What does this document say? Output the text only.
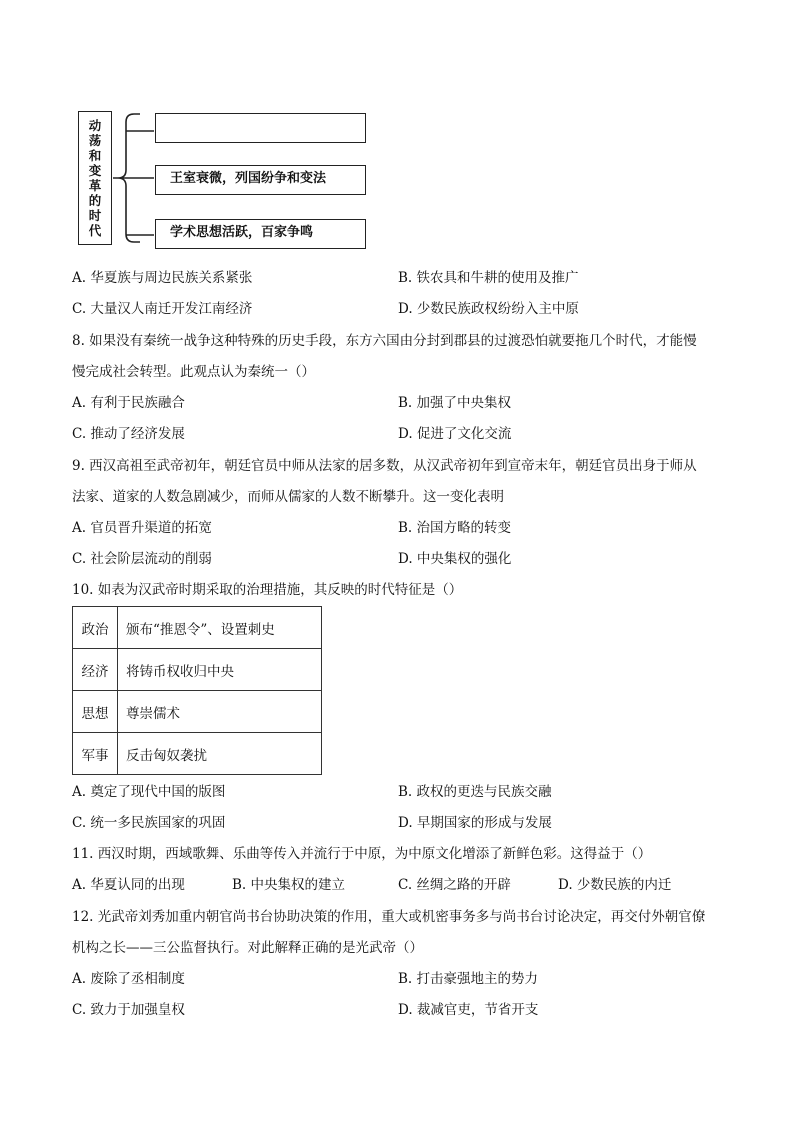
动
荡
和
变
革
的
时
代
王室衰微，列国纷争和变法
学术思想活跃，百家争鸣
A. 华夏族与周边民族关系紧张	B. 铁农具和牛耕的使用及推广
C. 大量汉人南迁开发江南经济	D. 少数民族政权纷纷入主中原
8. 如果没有秦统一战争这种特殊的历史手段，东方六国由分封到郡县的过渡恐怕就要拖几个时代，才能慢
慢完成社会转型。此观点认为秦统一（）
A. 有利于民族融合	B. 加强了中央集权
C. 推动了经济发展	D. 促进了文化交流
9. 西汉高祖至武帝初年，朝廷官员中师从法家的居多数，从汉武帝初年到宣帝末年，朝廷官员出身于师从
法家、道家的人数急剧减少，而师从儒家的人数不断攀升。这一变化表明
A. 官员晋升渠道的拓宽	B. 治国方略的转变
C. 社会阶层流动的削弱	D. 中央集权的强化
10. 如表为汉武帝时期采取的治理措施，其反映的时代特征是（）
政治	颁布“推恩令”、设置刺史
经济	将铸币权收归中央
思想	尊崇儒术
军事	反击匈奴袭扰
A. 奠定了现代中国的版图	B. 政权的更迭与民族交融
C. 统一多民族国家的巩固	D. 早期国家的形成与发展
11. 西汉时期，西域歌舞、乐曲等传入并流行于中原，为中原文化增添了新鲜色彩。这得益于（）
A. 华夏认同的出现	B. 中央集权的建立	C. 丝绸之路的开辟	D. 少数民族的内迁
12. 光武帝刘秀加重内朝官尚书台协助决策的作用，重大或机密事务多与尚书台讨论决定，再交付外朝官僚
机构之长——三公监督执行。对此解释正确的是光武帝（）
A. 废除了丞相制度	B. 打击豪强地主的势力
C. 致力于加强皇权	D. 裁减官吏，节省开支
